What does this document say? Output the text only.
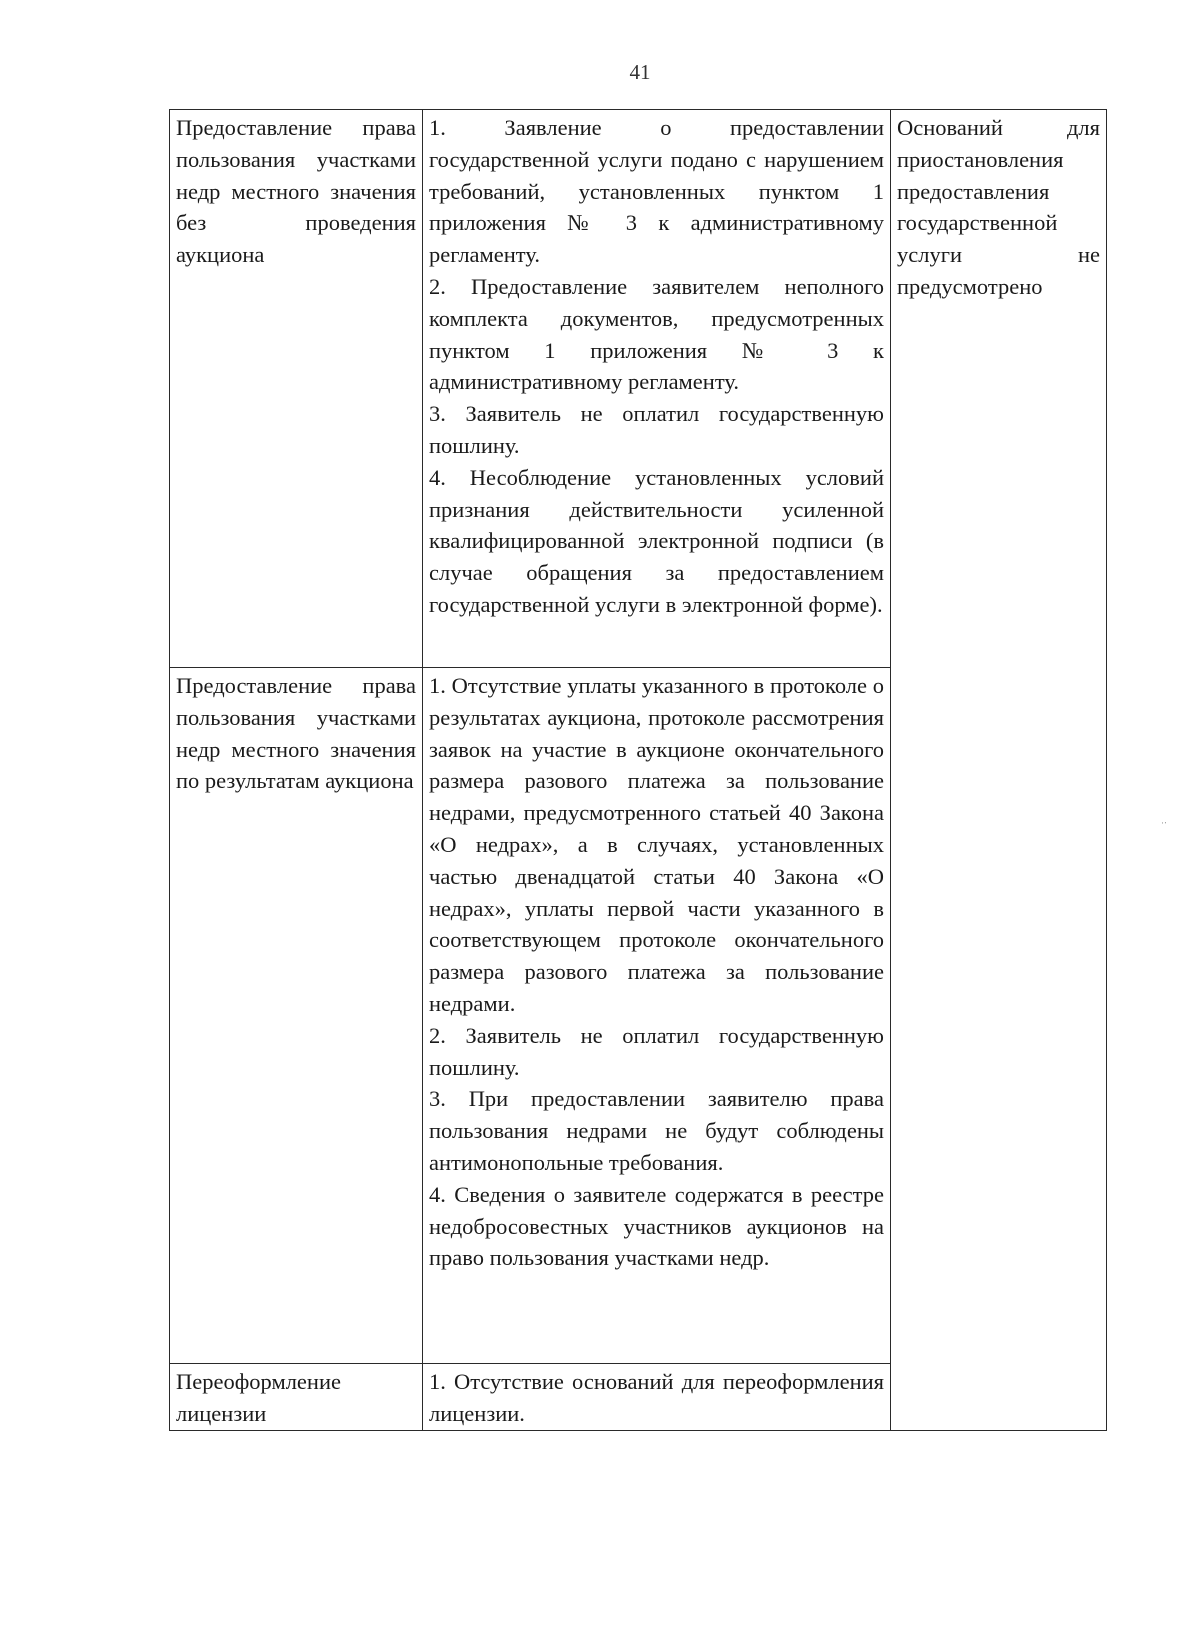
41

Предоставление права пользования участками недр местного значения без проведения аукциона	1. Заявление о предоставлении государственной услуги подано с нарушением требований, установленных пунктом 1 приложения № 3 к административному регламенту.

2. Предоставление заявителем неполного комплекта документов, предусмотренных пунктом 1 приложения № 3 к административному регламенту.

3. Заявитель не оплатил государственную пошлину.

4. Несоблюдение установленных условий признания действительности усиленной квалифицированной электронной подписи (в случае обращения за предоставлением государственной услуги в электронной форме).	Оснований для приостановления предоставления государственной услуги не предусмотрено

Предоставление права пользования участками недр местного значения по результатам аукциона	1. Отсутствие уплаты указанного в протоколе о результатах аукциона, протоколе рассмотрения заявок на участие в аукционе окончательного размера разового платежа за пользование недрами, предусмотренного статьей 40 Закона «О недрах», а в случаях, установленных частью двенадцатой статьи 40 Закона «О недрах», уплаты первой части указанного в соответствующем протоколе окончательного размера разового платежа за пользование недрами.

2. Заявитель не оплатил государственную пошлину.

3. При предоставлении заявителю права пользования недрами не будут соблюдены антимонопольные требования.

4. Сведения о заявителе содержатся в реестре недобросовестных участников аукционов на право пользования участками недр.	

Переоформление лицензии	1. Отсутствие оснований для переоформления лицензии.	

·‧
